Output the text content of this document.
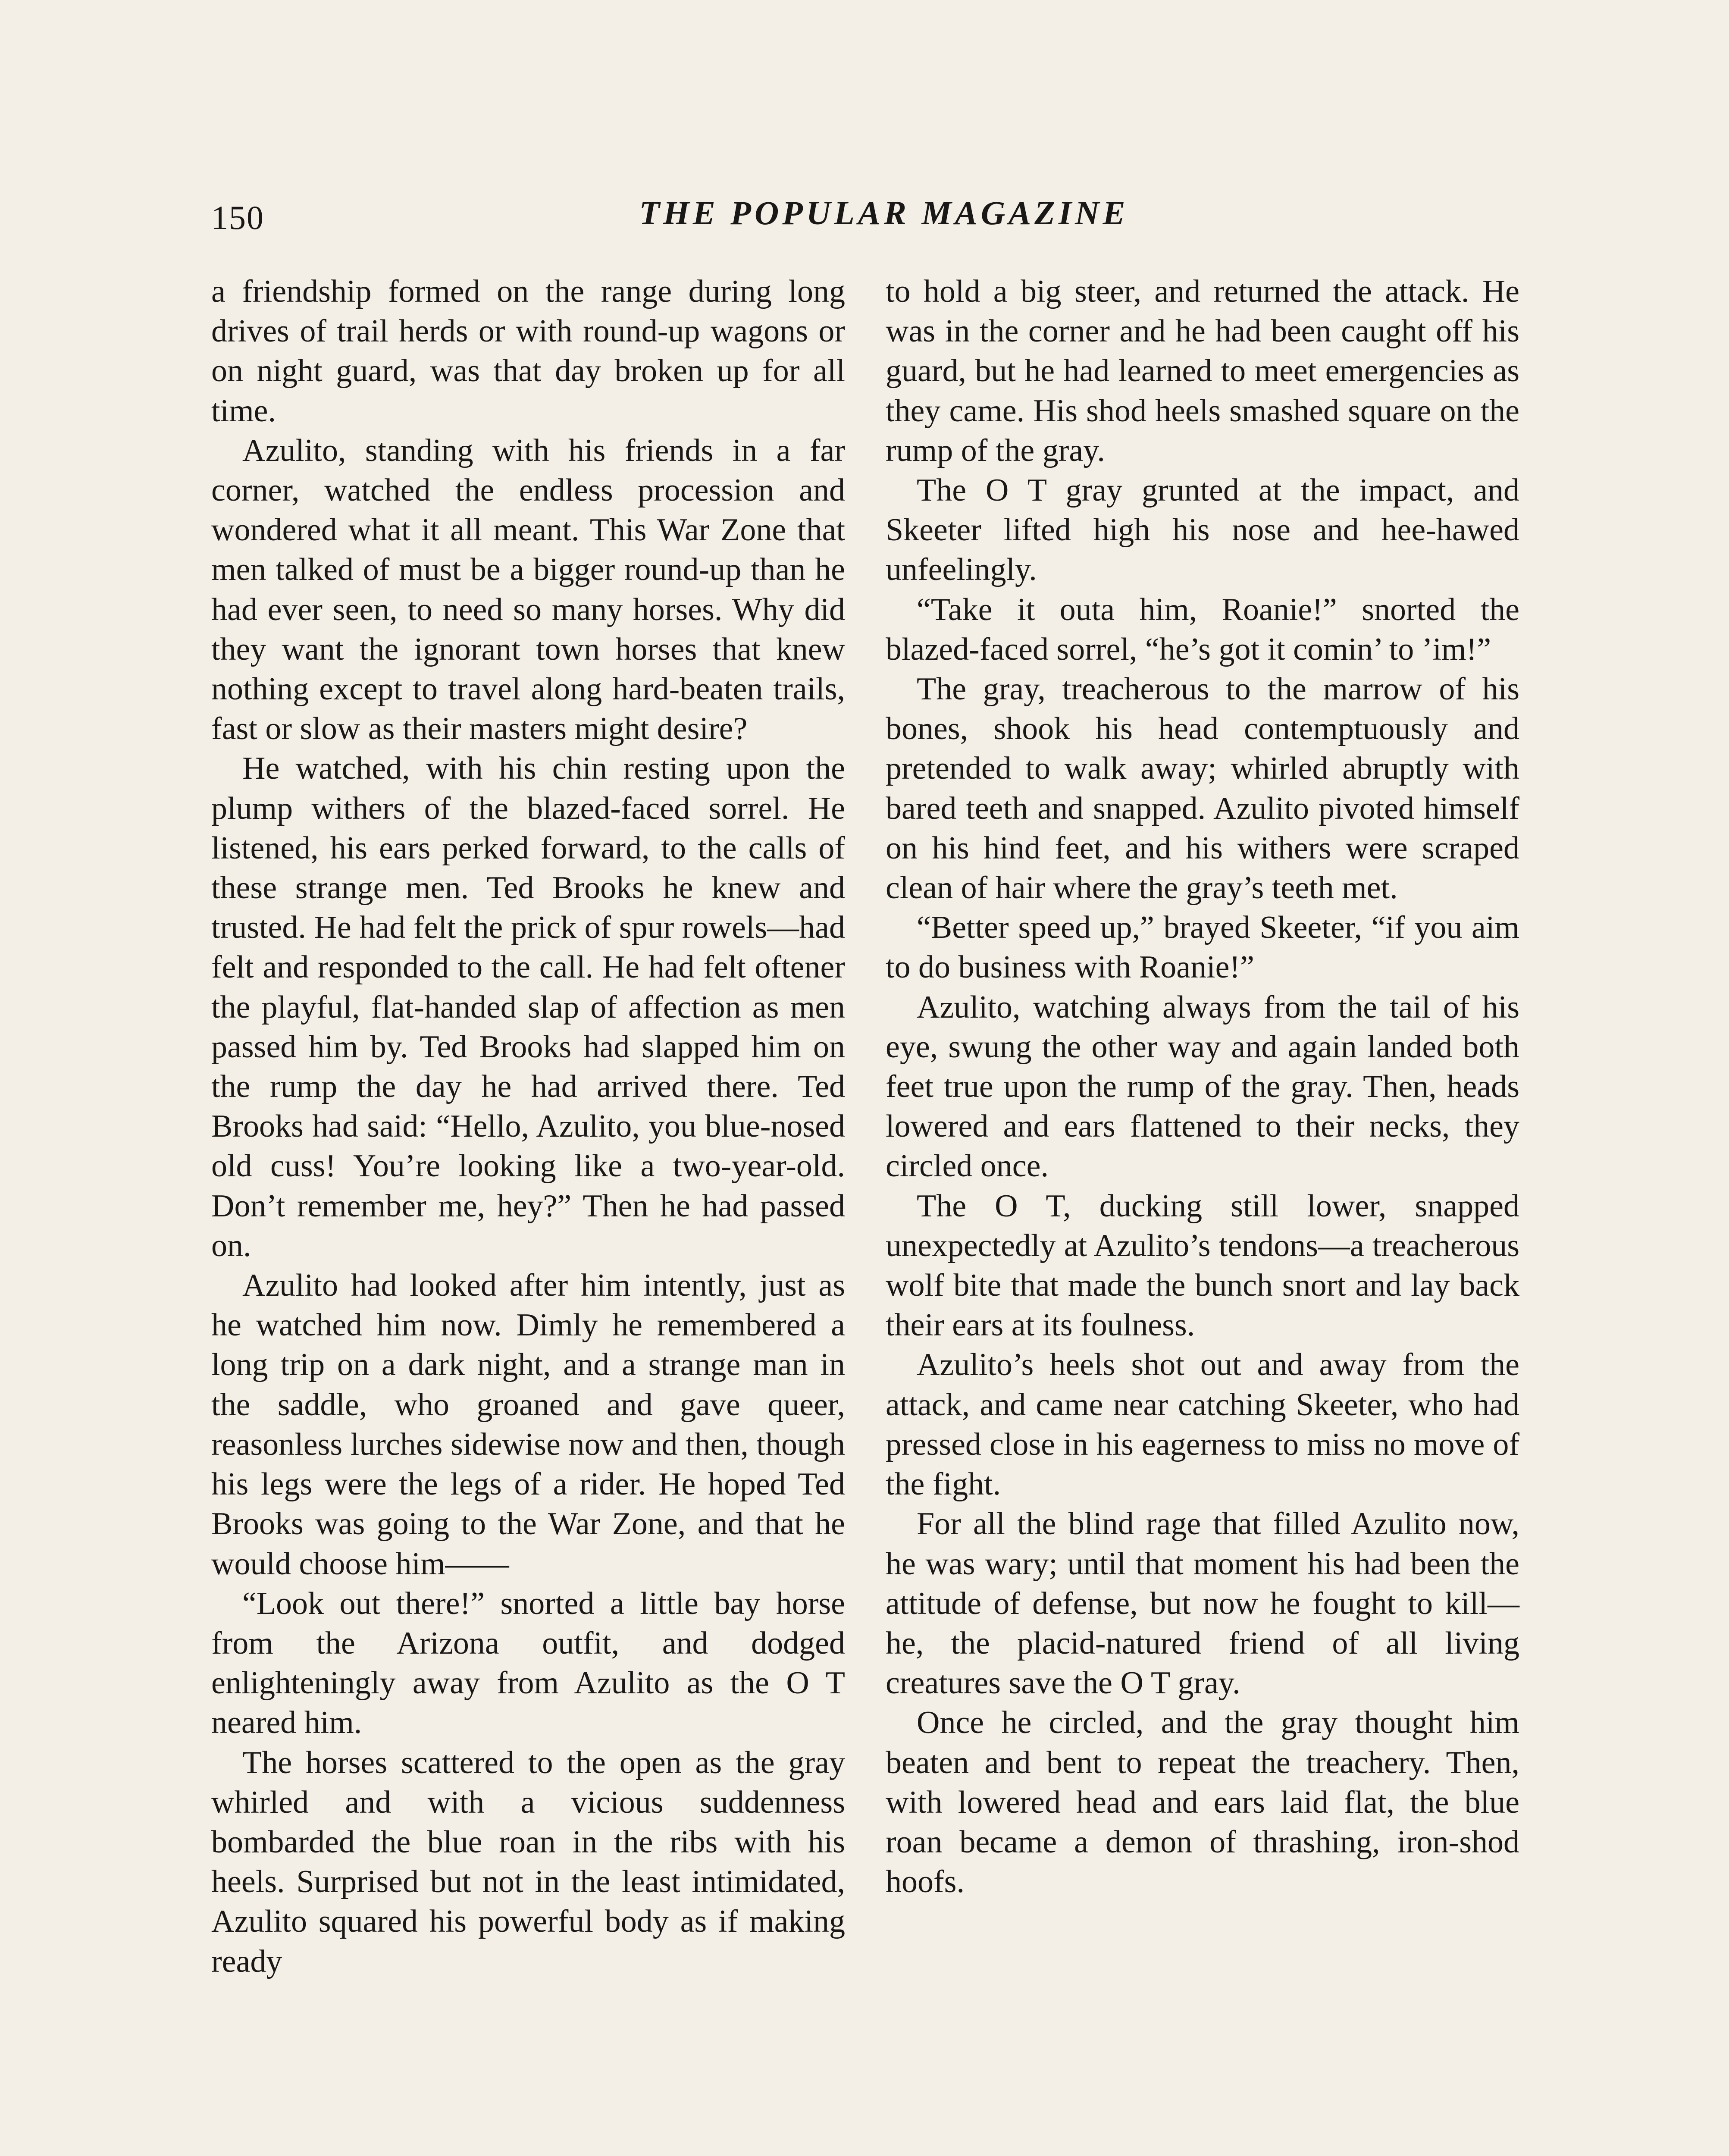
150	THE POPULAR MAGAZINE

a friendship formed on the range during long drives of trail herds or with round-up wagons or on night guard, was that day broken up for all time.

Azulito, standing with his friends in a far corner, watched the endless procession and wondered what it all meant. This War Zone that men talked of must be a bigger round-up than he had ever seen, to need so many horses. Why did they want the ignorant town horses that knew nothing except to travel along hard-beaten trails, fast or slow as their masters might desire?

He watched, with his chin resting upon the plump withers of the blazed-faced sorrel. He listened, his ears perked forward, to the calls of these strange men. Ted Brooks he knew and trusted. He had felt the prick of spur rowels—had felt and responded to the call. He had felt oftener the playful, flat-handed slap of affection as men passed him by. Ted Brooks had slapped him on the rump the day he had arrived there. Ted Brooks had said: “Hello, Azulito, you blue-nosed old cuss! You’re looking like a two-year-old. Don’t remember me, hey?” Then he had passed on.

Azulito had looked after him intently, just as he watched him now. Dimly he remembered a long trip on a dark night, and a strange man in the saddle, who groaned and gave queer, reasonless lurches sidewise now and then, though his legs were the legs of a rider. He hoped Ted Brooks was going to the War Zone, and that he would choose him——

“Look out there!” snorted a little bay horse from the Arizona outfit, and dodged enlighteningly away from Azulito as the O T neared him.

The horses scattered to the open as the gray whirled and with a vicious suddenness bombarded the blue roan in the ribs with his heels. Surprised but not in the least intimidated, Azulito squared his powerful body as if making ready

to hold a big steer, and returned the attack. He was in the corner and he had been caught off his guard, but he had learned to meet emergencies as they came. His shod heels smashed square on the rump of the gray.

The O T gray grunted at the impact, and Skeeter lifted high his nose and hee-hawed unfeelingly.

“Take it outa him, Roanie!” snorted the blazed-faced sorrel, “he’s got it comin’ to ’im!”

The gray, treacherous to the marrow of his bones, shook his head contemptuously and pretended to walk away; whirled abruptly with bared teeth and snapped. Azulito pivoted himself on his hind feet, and his withers were scraped clean of hair where the gray’s teeth met.

“Better speed up,” brayed Skeeter, “if you aim to do business with Roanie!”

Azulito, watching always from the tail of his eye, swung the other way and again landed both feet true upon the rump of the gray. Then, heads lowered and ears flattened to their necks, they circled once.

The O T, ducking still lower, snapped unexpectedly at Azulito’s tendons—a treacherous wolf bite that made the bunch snort and lay back their ears at its foulness.

Azulito’s heels shot out and away from the attack, and came near catching Skeeter, who had pressed close in his eagerness to miss no move of the fight.

For all the blind rage that filled Azulito now, he was wary; until that moment his had been the attitude of defense, but now he fought to kill—he, the placid-natured friend of all living creatures save the O T gray.

Once he circled, and the gray thought him beaten and bent to repeat the treachery. Then, with lowered head and ears laid flat, the blue roan became a demon of thrashing, iron-shod hoofs.
